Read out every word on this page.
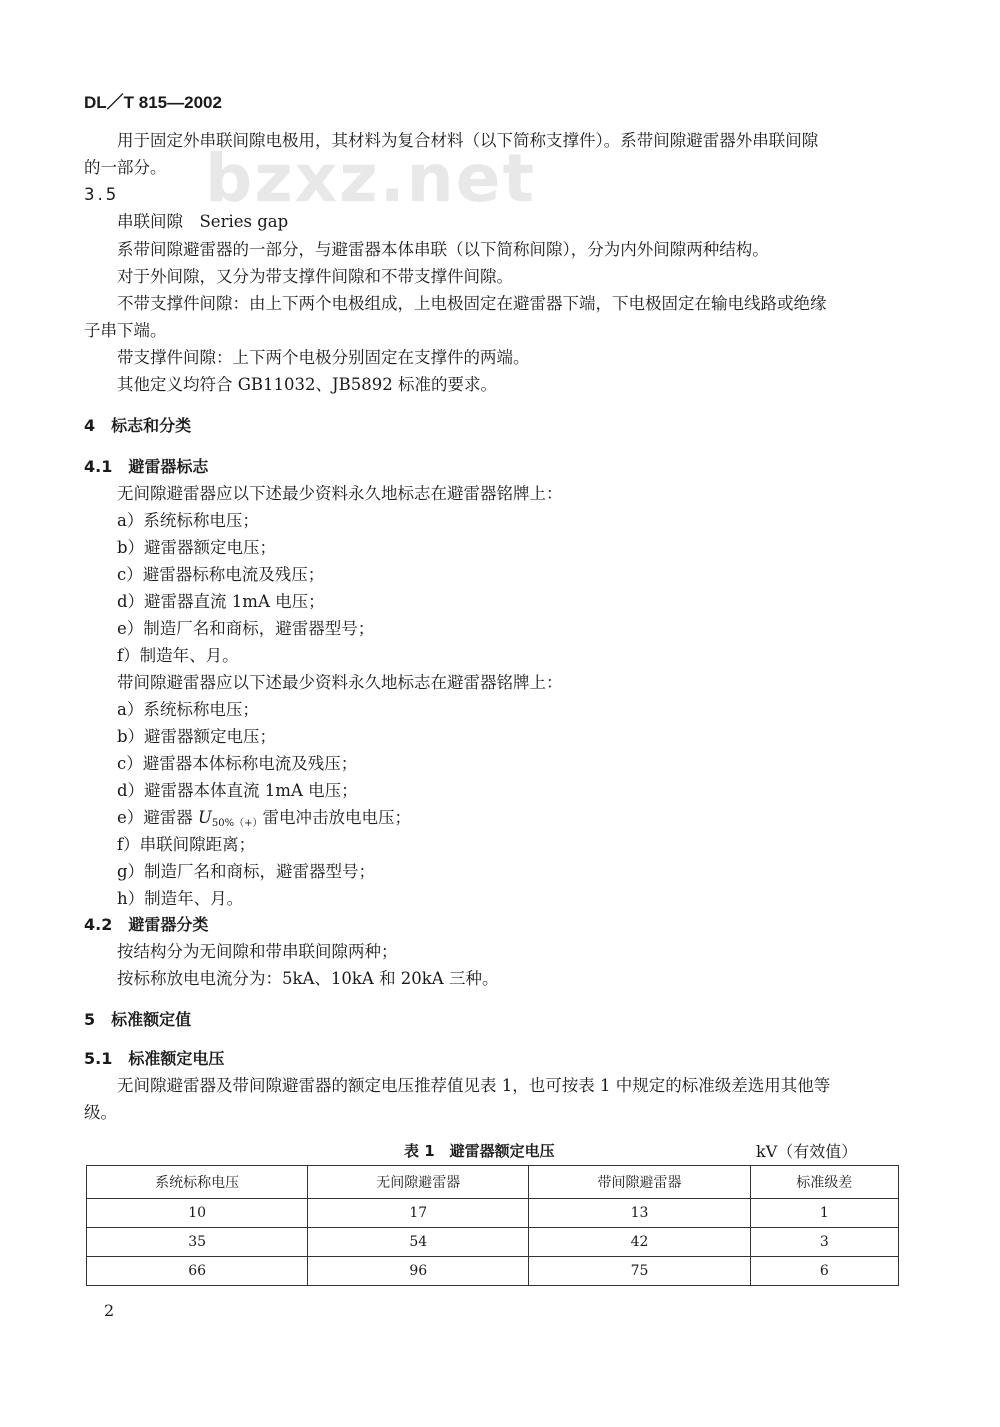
DL／T 815—2002
bzxz.net
用于固定外串联间隙电极用，其材料为复合材料（以下简称支撑件）。系带间隙避雷器外串联间隙
的一部分。
3.5
串联间隙　Series gap
系带间隙避雷器的一部分，与避雷器本体串联（以下简称间隙），分为内外间隙两种结构。
对于外间隙，又分为带支撑件间隙和不带支撑件间隙。
不带支撑件间隙：由上下两个电极组成，上电极固定在避雷器下端，下电极固定在输电线路或绝缘
子串下端。
带支撑件间隙：上下两个电极分别固定在支撑件的两端。
其他定义均符合 GB11032、JB5892 标准的要求。
4　标志和分类
4.1　避雷器标志
无间隙避雷器应以下述最少资料永久地标志在避雷器铭牌上：
a）系统标称电压；
b）避雷器额定电压；
c）避雷器标称电流及残压；
d）避雷器直流 1mA 电压；
e）制造厂名和商标，避雷器型号；
f）制造年、月。
带间隙避雷器应以下述最少资料永久地标志在避雷器铭牌上：
a）系统标称电压；
b）避雷器额定电压；
c）避雷器本体标称电流及残压；
d）避雷器本体直流 1mA 电压；
e）避雷器 $U_{50\%(+)}$雷电冲击放电电压；
f）串联间隙距离；
g）制造厂名和商标，避雷器型号；
h）制造年、月。
4.2　避雷器分类
按结构分为无间隙和带串联间隙两种；
按标称放电电流分为：5kA、10kA 和 20kA 三种。
5　标准额定值
5.1　标准额定电压
无间隙避雷器及带间隙避雷器的额定电压推荐值见表 1，也可按表 1 中规定的标准级差选用其他等
级。
表 1　避雷器额定电压	kV（有效值）
系统标称电压	无间隙避雷器	带间隙避雷器	标准级差
10	17	13	1
35	54	42	3
66	96	75	6
2
